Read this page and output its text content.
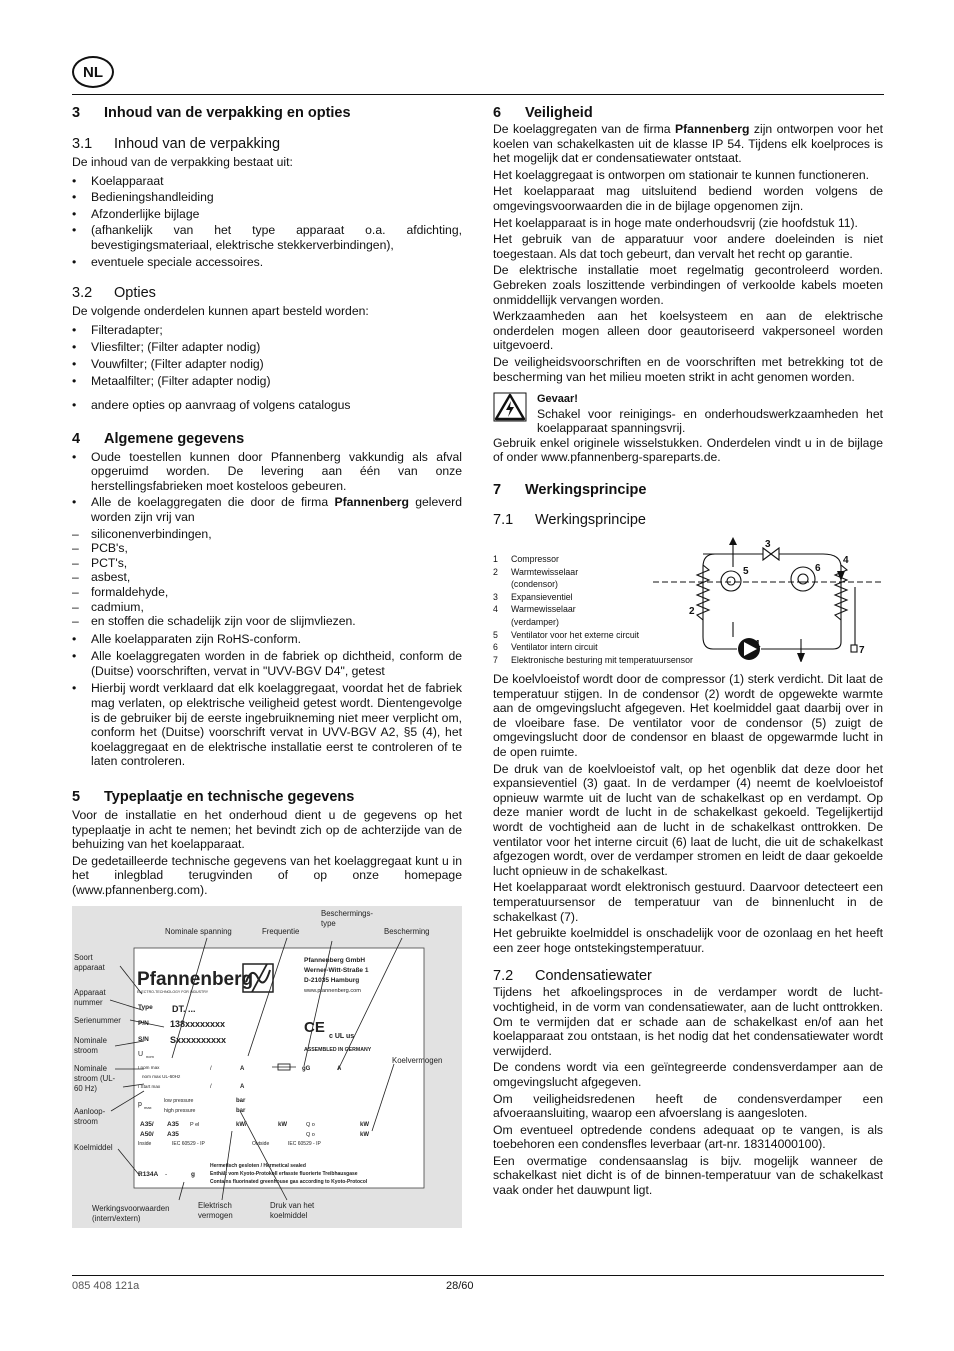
NL
3 Inhoud van de verpakking en opties
3.1 Inhoud van de verpakking

De inhoud van de verpakking bestaat uit:

• Koelapparaat
• Bedieningshandleiding
• Afzonderlijke bijlage
• (afhankelijk van het type apparaat o.a. afdichting, bevestigingsmateriaal, elektrische stekkerverbindingen),
• eventuele speciale accessoires.
3.2 Opties

De volgende onderdelen kunnen apart besteld worden:

• Filteradapter;
• Vliesfilter; (Filter adapter nodig)
• Vouwfilter; (Filter adapter nodig)
• Metaalfilter; (Filter adapter nodig)
• andere opties op aanvraag of volgens catalogus
4 Algemene gegevens
• Oude toestellen kunnen door Pfannenberg vakkundig als afval opgeruimd worden. De levering aan één van onze herstellingsfabrieken moet kosteloos gebeuren.
• Alle de koelaggregaten die door de firma Pfannenberg geleverd worden zijn vrij van
– siliconenverbindingen,
– PCB's,
– PCT's,
– asbest,
– formaldehyde,
– cadmium,
– en stoffen die schadelijk zijn voor de slijmvliezen.
• Alle koelapparaten zijn RoHS-conform.
• Alle koelaggregaten worden in de fabriek op dichtheid, conform de (Duitse) voorschriften, vervat in "UVV-BGV D4", getest
• Hierbij wordt verklaard dat elk koelaggregaat, voordat het de fabriek mag verlaten, op elektrische veiligheid getest wordt. Dientengevolge is de gebruiker bij de eerste ingebruikneming niet meer verplicht om, conform het (Duitse) voorschrift vervat in UVV-BGV A2, §5 (4), het koelaggregaat en de elektrische installatie eerst te controleren of te laten controleren.
5 Typeplaatje en technische gegevens

Voor de installatie en het onderhoud dient u de gegevens op het typeplaatje in acht te nemen; het bevindt zich op de achterzijde van de behuizing van het koelapparaat.

De gedetailleerde technische gegevens van het koelaggregaat kunt u in het inlegblad terugvinden of op onze homepage (www.pfannenberg.com).

Pfannenberg
ELECTRO-TECHNOLOGY FOR INDUSTRY
Pfannenberg GmbH
Werner-Witt-Straße 1
D-21035 Hamburg
www.pfannenberg.com
Type DT. ...
P/N 138xxxxxxxx
S/N Sxxxxxxxxxx
CE
c UL us
ASSEMBLED IN GERMANY
U nom
I nom max
nom max UL-60Hz
I Start max
/	A
/	A
A
gG
p max
low pressure
high pressure
bar
bar
A35/ A35 P el	kW/	kW	Q o
Q o
kW
kW
A50/ A35
Inside	IEC 60529 - IP	Outside	IEC 60529 - IP
R134A -	g
Hermetisch gesloten / Hermetical sealed
Enthält vom Kyoto-Protokoll erfasste fluorierte Treibhausgase
Contains fluorinated greenhouse gas according to Kyoto-Protocol
Nominale spanning	Frequentie
Beschermings-type
Bescherming
Soort apparaat
Apparaat nummer
Serienummer
Nominale stroom
Nominale stroom (UL-60 Hz)
Aanloop-stroom
Koelmiddel
Koelvermogen
Werkingsvoorwaarden (intern/extern)
Elektrisch vermogen
Druk van het koelmiddel
6 Veiligheid

De koelaggregaten van de firma Pfannenberg zijn ontworpen voor het koelen van schakelkasten uit de klasse IP 54. Tijdens elk koelproces is het mogelijk dat er condensatiewater ontstaat.

Het koelaggregaat is ontworpen om stationair te kunnen functioneren.

Het koelapparaat mag uitsluitend bediend worden volgens de omgevingsvoorwaarden die in de bijlage opgenomen zijn.

Het koelapparaat is in hoge mate onderhoudsvrij (zie hoofdstuk 11).

Het gebruik van de apparatuur voor andere doeleinden is niet toegestaan. Als dat toch gebeurt, dan vervalt het recht op garantie.

De elektrische installatie moet regelmatig gecontroleerd worden. Gebreken zoals loszittende verbindingen of verkoolde kabels moeten onmiddellijk vervangen worden.

Werkzaamheden aan het koelsysteem en aan de elektrische onderdelen mogen alleen door geautoriseerd vakpersoneel worden uitgevoerd.

De veiligheidsvoorschriften en de voorschriften met betrekking tot de bescherming van het milieu moeten strikt in acht genomen worden.

Gevaar!

Schakel voor reinigings- en onderhoudswerkzaamheden het koelapparaat spanningsvrij.

Gebruik enkel originele wisselstukken. Onderdelen vindt u in de bijlage of onder www.pfannenberg-spareparts.de.

7 Werkingsprincipe
7.1 Werkingsprincipe
1	Compressor
2	Warmtewisselaar
(condensor)
3	Expansieventiel
4	Warmewisselaar
(verdamper)
5	Ventilator voor het externe circuit
6	Ventilator intern circuit
7	Elektronische besturing mit temperatuursensor
1
2
3
4
5	6
7

De koelvloeistof wordt door de compressor (1) sterk verdicht. Dit laat de temperatuur stijgen. In de condensor (2) wordt de opgewekte warmte aan de omgevingslucht afgegeven. Het koelmiddel gaat daarbij over in de vloeibare fase. De ventilator voor de condensor (5) zuigt de omgevingslucht door de condensor en blaast de opgewarmde lucht in de open ruimte.

De druk van de koelvloeistof valt, op het ogenblik dat deze door het expansieventiel (3) gaat. In de verdamper (4) neemt de koelvloeistof opnieuw warmte uit de lucht van de schakelkast op en verdampt. Op deze manier wordt de lucht in de schakelkast gekoeld. Tegelijkertijd wordt de vochtigheid aan de lucht in de schakelkast onttrokken. De ventilator voor het interne circuit (6) laat de lucht, die uit de schakelkast afgezogen wordt, over de verdamper stromen en leidt de daar gekoelde lucht opnieuw in de schakelkast.

Het koelapparaat wordt elektronisch gestuurd. Daarvoor detecteert een temperatuursensor de temperatuur van de binnenlucht in de schakelkast (7).

Het gebruikte koelmiddel is onschadelijk voor de ozonlaag en het heeft een zeer hoge ontstekingstemperatuur.

7.2 Condensatiewater

Tijdens het afkoelingsproces in de verdamper wordt de lucht-vochtigheid, in de vorm van condensatiewater, aan de lucht onttrokken. Om te vermijden dat er schade aan de schakelkast en/of aan het koelapparaat zou ontstaan, is het nodig dat het condensatiewater wordt verwijderd.

De condens wordt via een geïntegreerde condensverdamper aan de omgevingslucht afgegeven.

Om veiligheidsredenen heeft de condensverdamper een afvoeraansluiting, waarop een afvoerslang is aangesloten.

Om eventueel optredende condens adequaat op te vangen, is als toebehoren een condensfles leverbaar (art-nr. 18314000100).

Een overmatige condensaanslag is bijv. mogelijk wanneer de schakelkast niet dicht is of de binnen-temperatuur van de schakelkast vaak onder het dauwpunt ligt.

085 408 121a	28/60
